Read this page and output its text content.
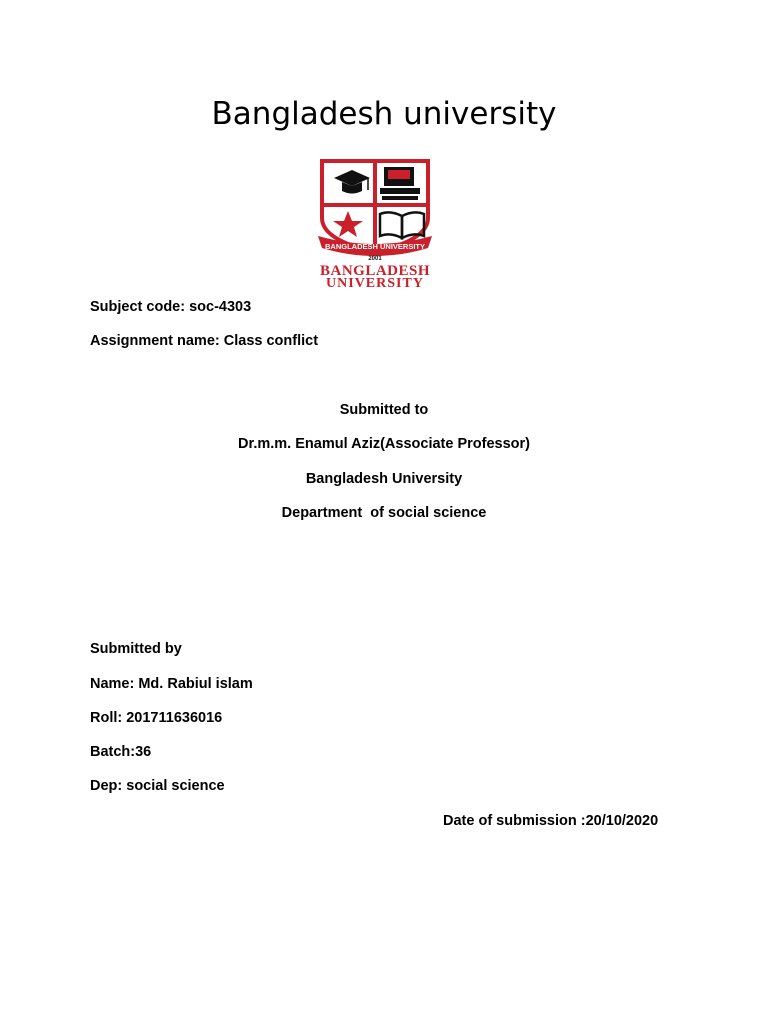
Bangladesh university
BANGLADESH UNIVERSITY
2001
BANGLADESH
UNIVERSITY
Subject code: soc-4303
Assignment name: Class conflict
Submitted to
Dr.m.m. Enamul Aziz(Associate Professor)
Bangladesh University
Department  of social science
Submitted by
Name: Md. Rabiul islam
Roll: 201711636016
Batch:36
Dep: social science
Date of submission :20/10/2020
